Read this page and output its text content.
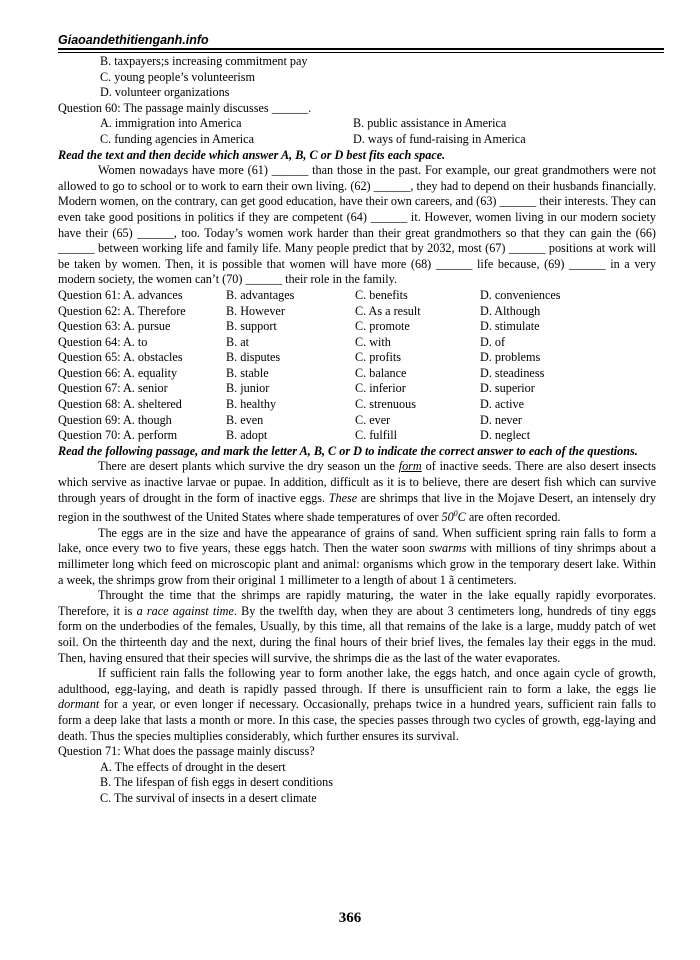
Giaoandethitienganh.info
B. taxpayers;s increasing commitment pay
C. young people’s volunteerism
D. volunteer organizations
Question 60: The passage mainly discusses ______.
A. immigration into America	B. public assistance in America
C. funding agencies in America	D. ways of fund-raising in America
Read the text and then decide which answer A, B, C or D best fits each space.

Women nowadays have more (61) ______ than those in the past. For example, our great grandmothers were not allowed to go to school or to work to earn their own living. (62) ______, they had to depend on their husbands financially. Modern women, on the contrary, can get good education, have their own careers, and (63) ______ their interests. They can even take good positions in politics if they are competent (64) ______ it. However, women living in our modern society have their (65) ______, too. Today’s women work harder than their great grandmothers so that they can gain the (66) ______ between working life and family life. Many people predict that by 2032, most (67) ______ positions at work will be taken by women. Then, it is possible that women will have more (68) ______ life because, (69) ______ in a very modern society, the women can’t (70) ______ their role in the family.

Question 61: A. advances	B. advantages	C. benefits	D. conveniences
Question 62: A. Therefore	B. However	C. As a result	D. Although
Question 63: A. pursue	B. support	C. promote	D. stimulate
Question 64: A. to	B. at	C. with	D. of
Question 65: A. obstacles	B. disputes	C. profits	D. problems
Question 66: A. equality	B. stable	C. balance	D. steadiness
Question 67: A. senior	B. junior	C. inferior	D. superior
Question 68: A. sheltered	B. healthy	C. strenuous	D. active
Question 69: A. though	B. even	C. ever	D. never
Question 70: A. perform	B. adopt	C. fulfill	D. neglect
Read the following passage, and mark the letter A, B, C or D to indicate the correct answer to each of the questions.

There are desert plants which survive the dry season un the form of inactive seeds. There are also desert insects which servive as inactive larvae or pupae. In addition, difficult as it is to believe, there are desert fish which can survive through years of drought in the form of inactive eggs. These are shrimps that live in the Mojave Desert, an intensely dry region in the southwest of the United States where shade temperatures of over $50^0C$ are often recorded.

The eggs are in the size and have the appearance of grains of sand. When sufficient spring rain falls to form a lake, once every two to five years, these eggs hatch. Then the water soon swarms with millions of tiny shrimps about a millimeter long which feed on microscopic plant and animal: organisms which grow in the temporary desert lake. Within a week, the shrimps grow from their original 1 millimeter to a length of about 1 ã centimeters.

Throught the time that the shrimps are rapidly maturing, the water in the lake equally rapidly evorporates. Therefore, it is a race against time. By the twelfth day, when they are about 3 centimeters long, hundreds of tiny eggs form on the underbodies of the females, Usually, by this time, all that remains of the lake is a large, muddy patch of wet soil. On the thirteenth day and the next, during the final hours of their brief lives, the females lay their eggs in the mud. Then, having ensured that their species will survive, the shrimps die as the last of the water evaporates.

If sufficient rain falls the following year to form another lake, the eggs hatch, and once again cycle of growth, adulthood, egg-laying, and death is rapidly passed through. If there is unsufficient rain to form a lake, the eggs lie dormant for a year, or even longer if necessary. Occasionally, prehaps twice in a hundred years, sufficient rain falls to form a deep lake that lasts a month or more. In this case, the species passes through two cycles of growth, egg-laying and death. Thus the species multiplies considerably, which further ensures its survival.

Question 71: What does the passage mainly discuss?
A. The effects of drought in the desert
B. The lifespan of fish eggs in desert conditions
C. The survival of insects in a desert climate
366
